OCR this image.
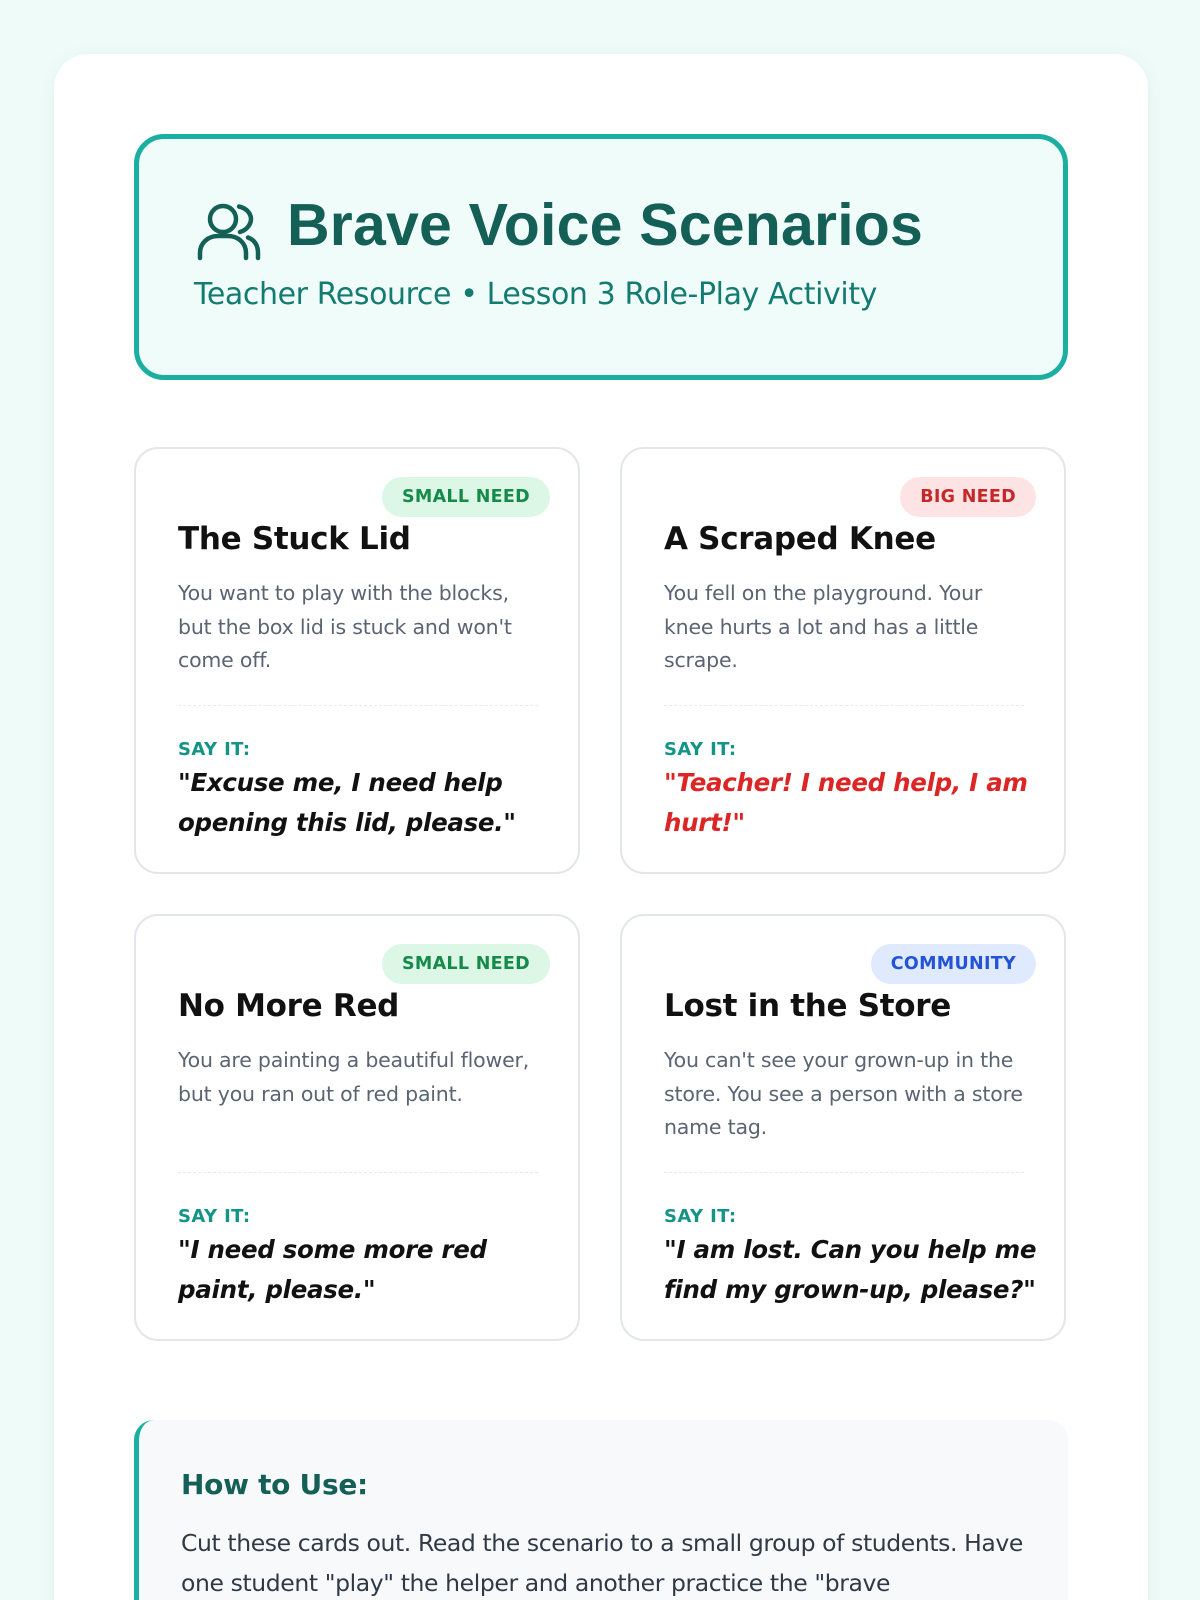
Brave Voice Scenarios
Teacher Resource • Lesson 3 Role-Play Activity
SMALL NEED
The Stuck Lid
You want to play with the blocks, but the box lid is stuck and won't come off.
SAY IT:
"Excuse me, I need help opening this lid, please."
BIG NEED
A Scraped Knee
You fell on the playground. Your knee hurts a lot and has a little scrape.
SAY IT:
"Teacher! I need help, I am hurt!"
SMALL NEED
No More Red
You are painting a beautiful flower, but you ran out of red paint.
SAY IT:
"I need some more red paint, please."
COMMUNITY
Lost in the Store
You can't see your grown-up in the store. You see a person with a store name tag.
SAY IT:
"I am lost. Can you help me find my grown-up, please?"
How to Use:
Cut these cards out. Read the scenario to a small group of students. Have one student "play" the helper and another practice the "brave
